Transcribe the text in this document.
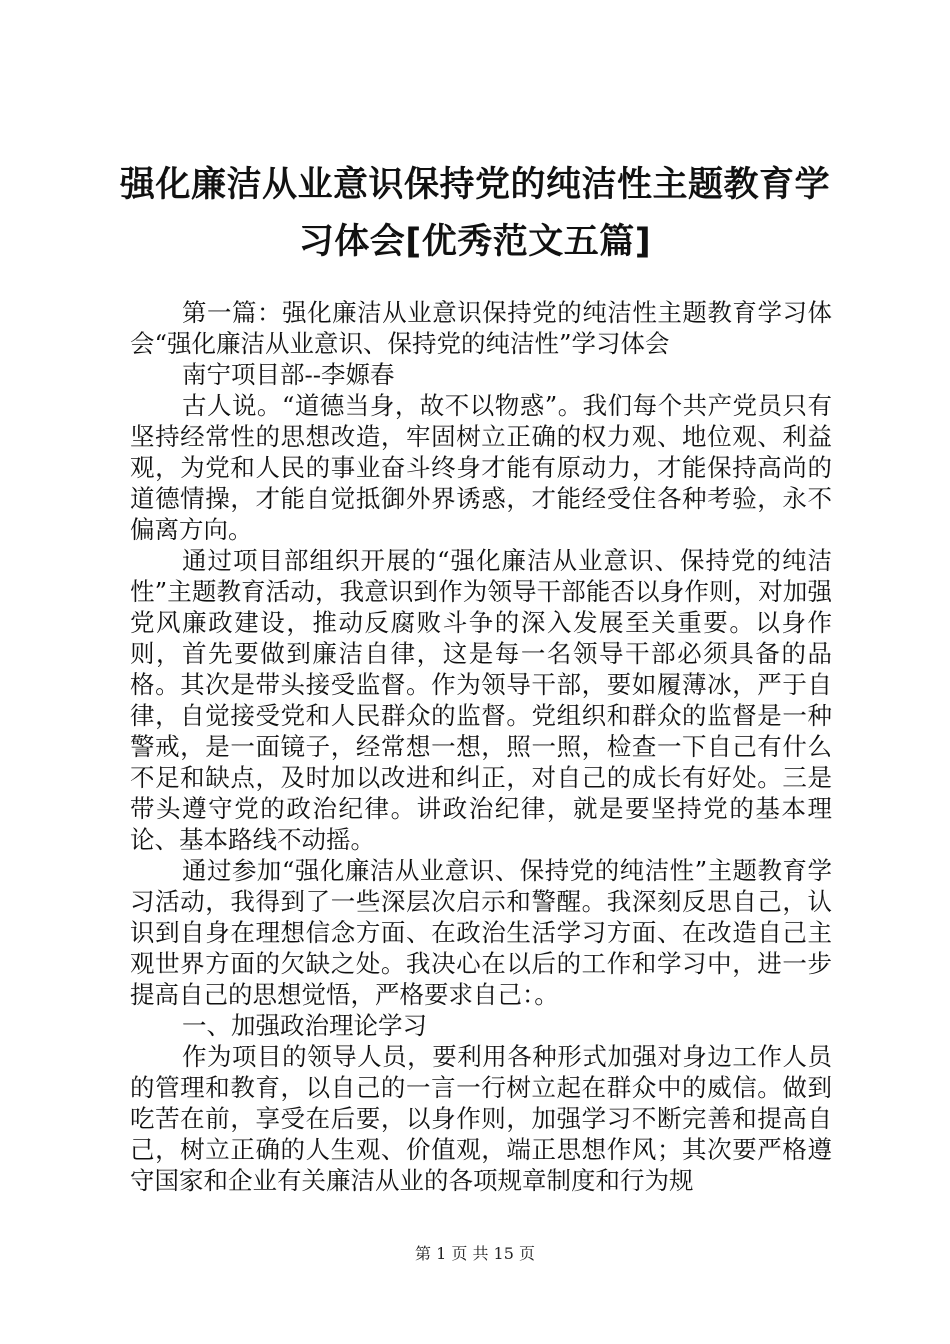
强化廉洁从业意识保持党的纯洁性主题教育学
习体会[优秀范文五篇]

第一篇：强化廉洁从业意识保持党的纯洁性主题教育学习体会“强化廉洁从业意识、保持党的纯洁性”学习体会

南宁项目部--李嫄春

古人说。“道德当身，故不以物惑”。我们每个共产党员只有坚持经常性的思想改造，牢固树立正确的权力观、地位观、利益观，为党和人民的事业奋斗终身才能有原动力，才能保持高尚的道德情操，才能自觉抵御外界诱惑，才能经受住各种考验，永不偏离方向。

通过项目部组织开展的“强化廉洁从业意识、保持党的纯洁性”主题教育活动，我意识到作为领导干部能否以身作则，对加强党风廉政建设，推动反腐败斗争的深入发展至关重要。以身作则，首先要做到廉洁自律，这是每一名领导干部必须具备的品格。其次是带头接受监督。作为领导干部，要如履薄冰，严于自律，自觉接受党和人民群众的监督。党组织和群众的监督是一种警戒，是一面镜子，经常想一想，照一照，检查一下自己有什么不足和缺点，及时加以改进和纠正，对自己的成长有好处。三是带头遵守党的政治纪律。讲政治纪律，就是要坚持党的基本理论、基本路线不动摇。

通过参加“强化廉洁从业意识、保持党的纯洁性”主题教育学习活动，我得到了一些深层次启示和警醒。我深刻反思自己，认识到自身在理想信念方面、在政治生活学习方面、在改造自己主观世界方面的欠缺之处。我决心在以后的工作和学习中，进一步提高自己的思想觉悟，严格要求自己：。

一、加强政治理论学习

作为项目的领导人员，要利用各种形式加强对身边工作人员的管理和教育，以自己的一言一行树立起在群众中的威信。做到吃苦在前，享受在后要，以身作则，加强学习不断完善和提高自己，树立正确的人生观、价值观，端正思想作风；其次要严格遵守国家和企业有关廉洁从业的各项规章制度和行为规

第 1 页 共 15 页
